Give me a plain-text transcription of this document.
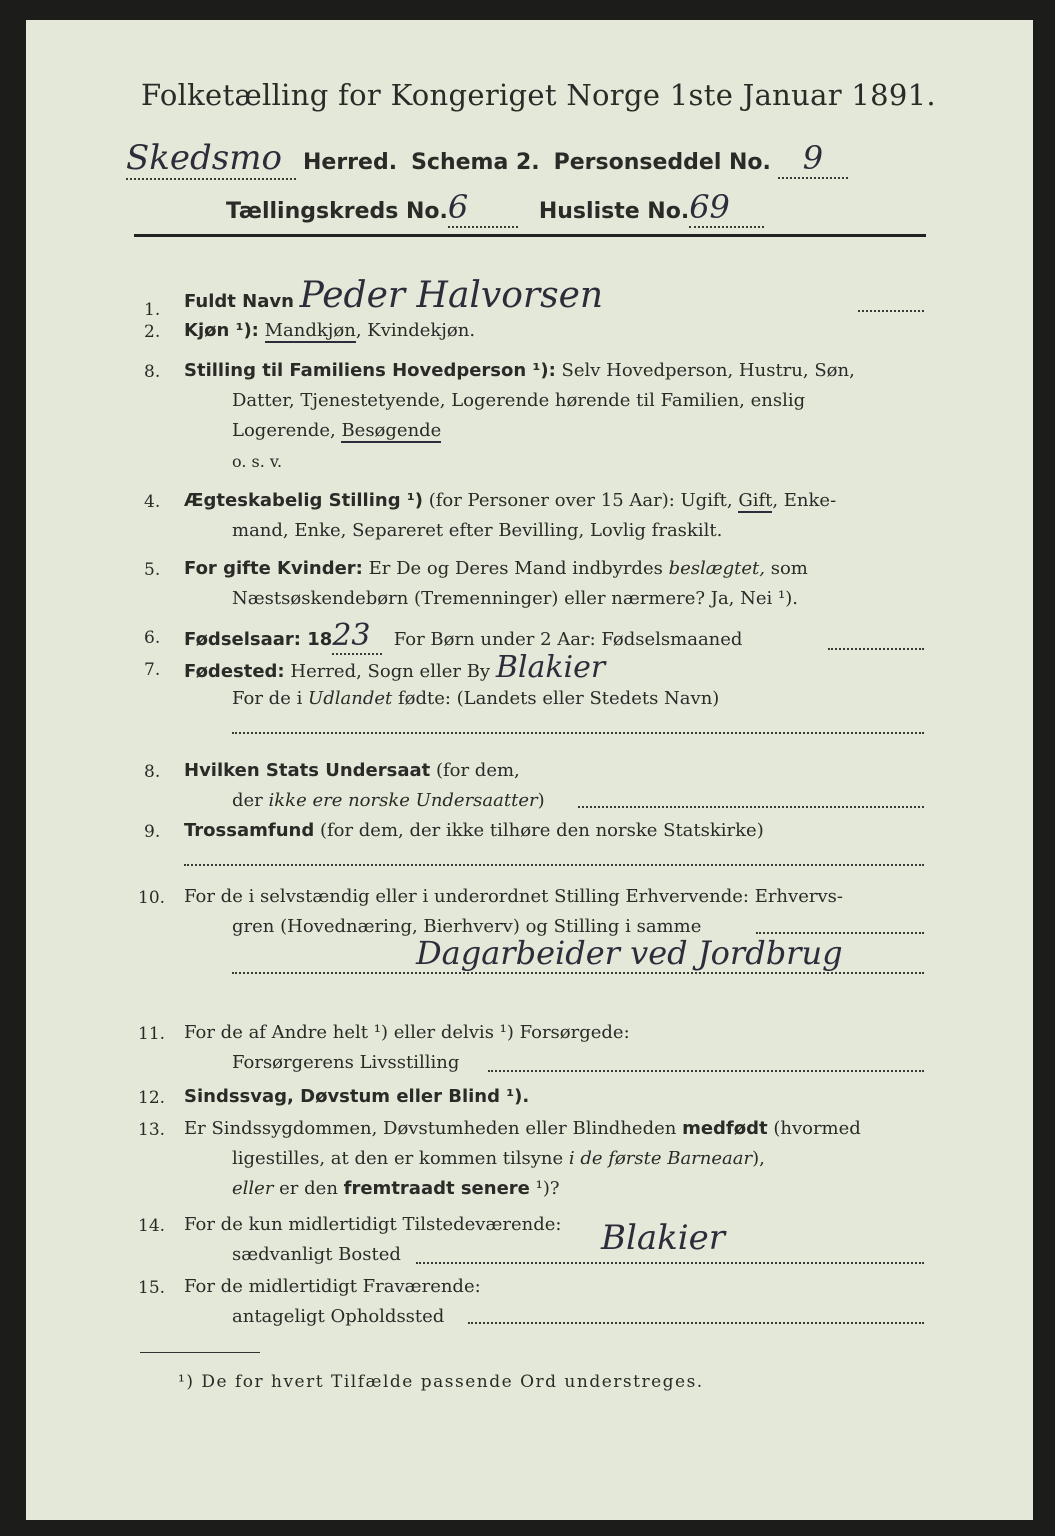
Folketælling for Kongeriget Norge 1ste Januar 1891.
Skedsmo Herred. Schema 2. Personseddel No. 9
Tællingskreds No.6	Husliste No.69
1. Fuldt Navn Peder Halvorsen
2. Kjøn ¹): Mandkjøn, Kvindekjøn.
8. Stilling til Familiens Hovedperson ¹): Selv Hovedperson, Hustru, Søn,
Datter, Tjenestetyende, Logerende hørende til Familien, enslig
Logerende, Besøgende
o. s. v.
4. Ægteskabelig Stilling ¹) (for Personer over 15 Aar): Ugift, Gift, Enke-
mand, Enke, Separeret efter Bevilling, Lovlig fraskilt.
5. For gifte Kvinder: Er De og Deres Mand indbyrdes beslægtet, som
Næstsøskendebørn (Tremenninger) eller nærmere? Ja, Nei ¹).
6. Fødselsaar: 1823 For Børn under 2 Aar: Fødselsmaaned
7. Fødested: Herred, Sogn eller By Blakier
For de i Udlandet fødte: (Landets eller Stedets Navn)
8. Hvilken Stats Undersaat (for dem,
der ikke ere norske Undersaatter)
9. Trossamfund (for dem, der ikke tilhøre den norske Statskirke)
10. For de i selvstændig eller i underordnet Stilling Erhvervende: Erhvervs-
gren (Hovednæring, Bierhverv) og Stilling i samme
Dagarbeider ved Jordbrug
11. For de af Andre helt ¹) eller delvis ¹) Forsørgede:
Forsørgerens Livsstilling
12. Sindssvag, Døvstum eller Blind ¹).
13. Er Sindssygdommen, Døvstumheden eller Blindheden medfødt (hvormed
ligestilles, at den er kommen tilsyne i de første Barneaar),
eller er den fremtraadt senere ¹)?
14. For de kun midlertidigt Tilstedeværende:
sædvanligt Bosted	Blakier
15. For de midlertidigt Fraværende:
antageligt Opholdssted
¹) De for hvert Tilfælde passende Ord understreges.
